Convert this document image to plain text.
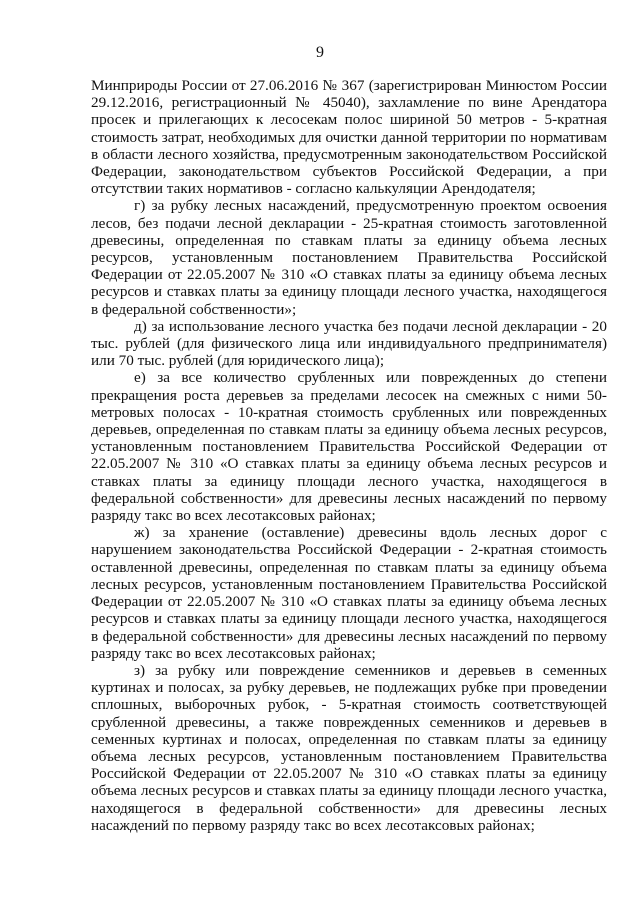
9

Минприроды России от 27.06.2016 № 367 (зарегистрирован Минюстом России 29.12.2016, регистрационный № 45040), захламление по вине Арендатора просек и прилегающих к лесосекам полос шириной 50 метров - 5-кратная стоимость затрат, необходимых для очистки данной территории по нормативам в области лесного хозяйства, предусмотренным законодательством Российской Федерации, законодательством субъектов Российской Федерации, а при отсутствии таких нормативов - согласно калькуляции Арендодателя;

г) за рубку лесных насаждений, предусмотренную проектом освоения лесов, без подачи лесной декларации - 25-кратная стоимость заготовленной древесины, определенная по ставкам платы за единицу объема лесных ресурсов, установленным постановлением Правительства Российской Федерации от 22.05.2007 № 310 «О ставках платы за единицу объема лесных ресурсов и ставках платы за единицу площади лесного участка, находящегося в федеральной собственности»;

д) за использование лесного участка без подачи лесной декларации - 20 тыс. рублей (для физического лица или индивидуального предпринимателя) или 70 тыс. рублей (для юридического лица);

е) за все количество срубленных или поврежденных до степени прекращения роста деревьев за пределами лесосек на смежных с ними 50-метровых полосах - 10-кратная стоимость срубленных или поврежденных деревьев, определенная по ставкам платы за единицу объема лесных ресурсов, установленным постановлением Правительства Российской Федерации от 22.05.2007 № 310 «О ставках платы за единицу объема лесных ресурсов и ставках платы за единицу площади лесного участка, находящегося в федеральной собственности» для древесины лесных насаждений по первому разряду такс во всех лесотаксовых районах;

ж) за хранение (оставление) древесины вдоль лесных дорог с нарушением законодательства Российской Федерации - 2-кратная стоимость оставленной древесины, определенная по ставкам платы за единицу объема лесных ресурсов, установленным постановлением Правительства Российской Федерации от 22.05.2007 № 310 «О ставках платы за единицу объема лесных ресурсов и ставках платы за единицу площади лесного участка, находящегося в федеральной собственности» для древесины лесных насаждений по первому разряду такс во всех лесотаксовых районах;

з) за рубку или повреждение семенников и деревьев в семенных куртинах и полосах, за рубку деревьев, не подлежащих рубке при проведении сплошных, выборочных рубок, - 5-кратная стоимость соответствующей срубленной древесины, а также поврежденных семенников и деревьев в семенных куртинах и полосах, определенная по ставкам платы за единицу объема лесных ресурсов, установленным постановлением Правительства Российской Федерации от 22.05.2007 № 310 «О ставках платы за единицу объема лесных ресурсов и ставках платы за единицу площади лесного участка, находящегося в федеральной собственности» для древесины лесных насаждений по первому разряду такс во всех лесотаксовых районах;
